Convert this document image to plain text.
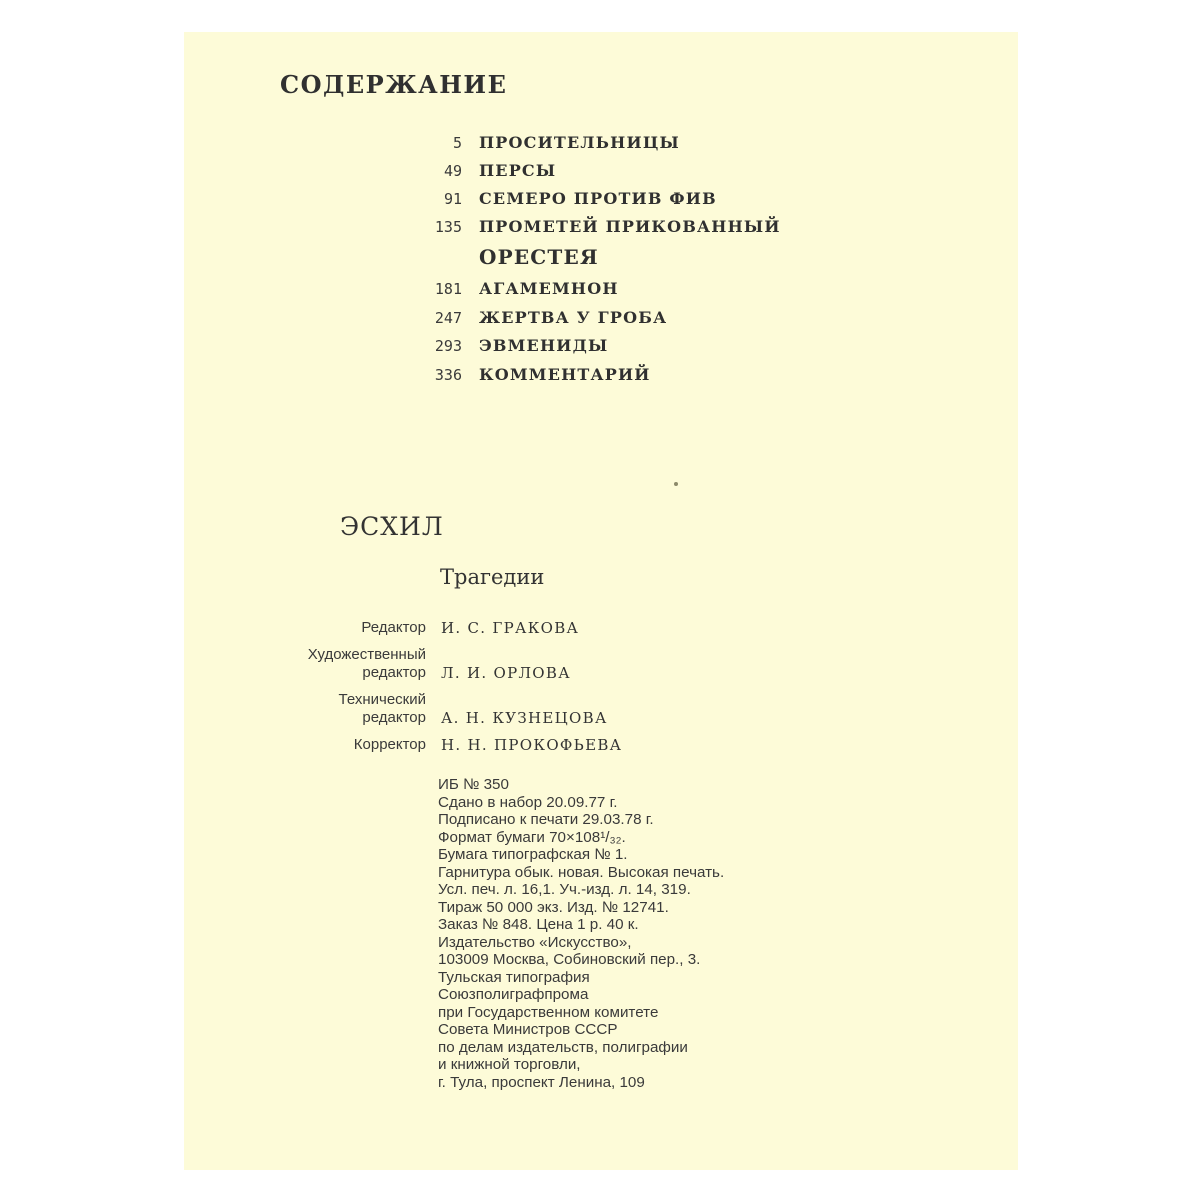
СОДЕРЖАНИЕ
5 ПРОСИТЕЛЬНИЦЫ
49 ПЕРСЫ
91 СЕМЕРО ПРОТИВ ФИВ
135 ПРОМЕТЕЙ ПРИКОВАННЫЙ
ОРЕСТЕЯ
181 АГАМЕМНОН
247 ЖЕРТВА У ГРОБА
293 ЭВМЕНИДЫ
336 КОММЕНТАРИЙ
ЭСХИЛ
Трагедии
Редактор И. С. ГРАКОВА
Художественный
редактор Л. И. ОРЛОВА
Технический
редактор А. Н. КУЗНЕЦОВА
Корректор Н. Н. ПРОКОФЬЕВА
ИБ № 350
Сдано в набор 20.09.77 г.
Подписано к печати 29.03.78 г.
Формат бумаги 70×108¹/₃₂.
Бумага типографская № 1.
Гарнитура обык. новая. Высокая печать.
Усл. печ. л. 16,1. Уч.-изд. л. 14, 319.
Тираж 50 000 экз. Изд. № 12741.
Заказ № 848. Цена 1 р. 40 к.
Издательство «Искусство»,
103009 Москва, Собиновский пер., 3.
Тульская типография
Союзполиграфпрома
при Государственном комитете
Совета Министров СССР
по делам издательств, полиграфии
и книжной торговли,
г. Тула, проспект Ленина, 109
